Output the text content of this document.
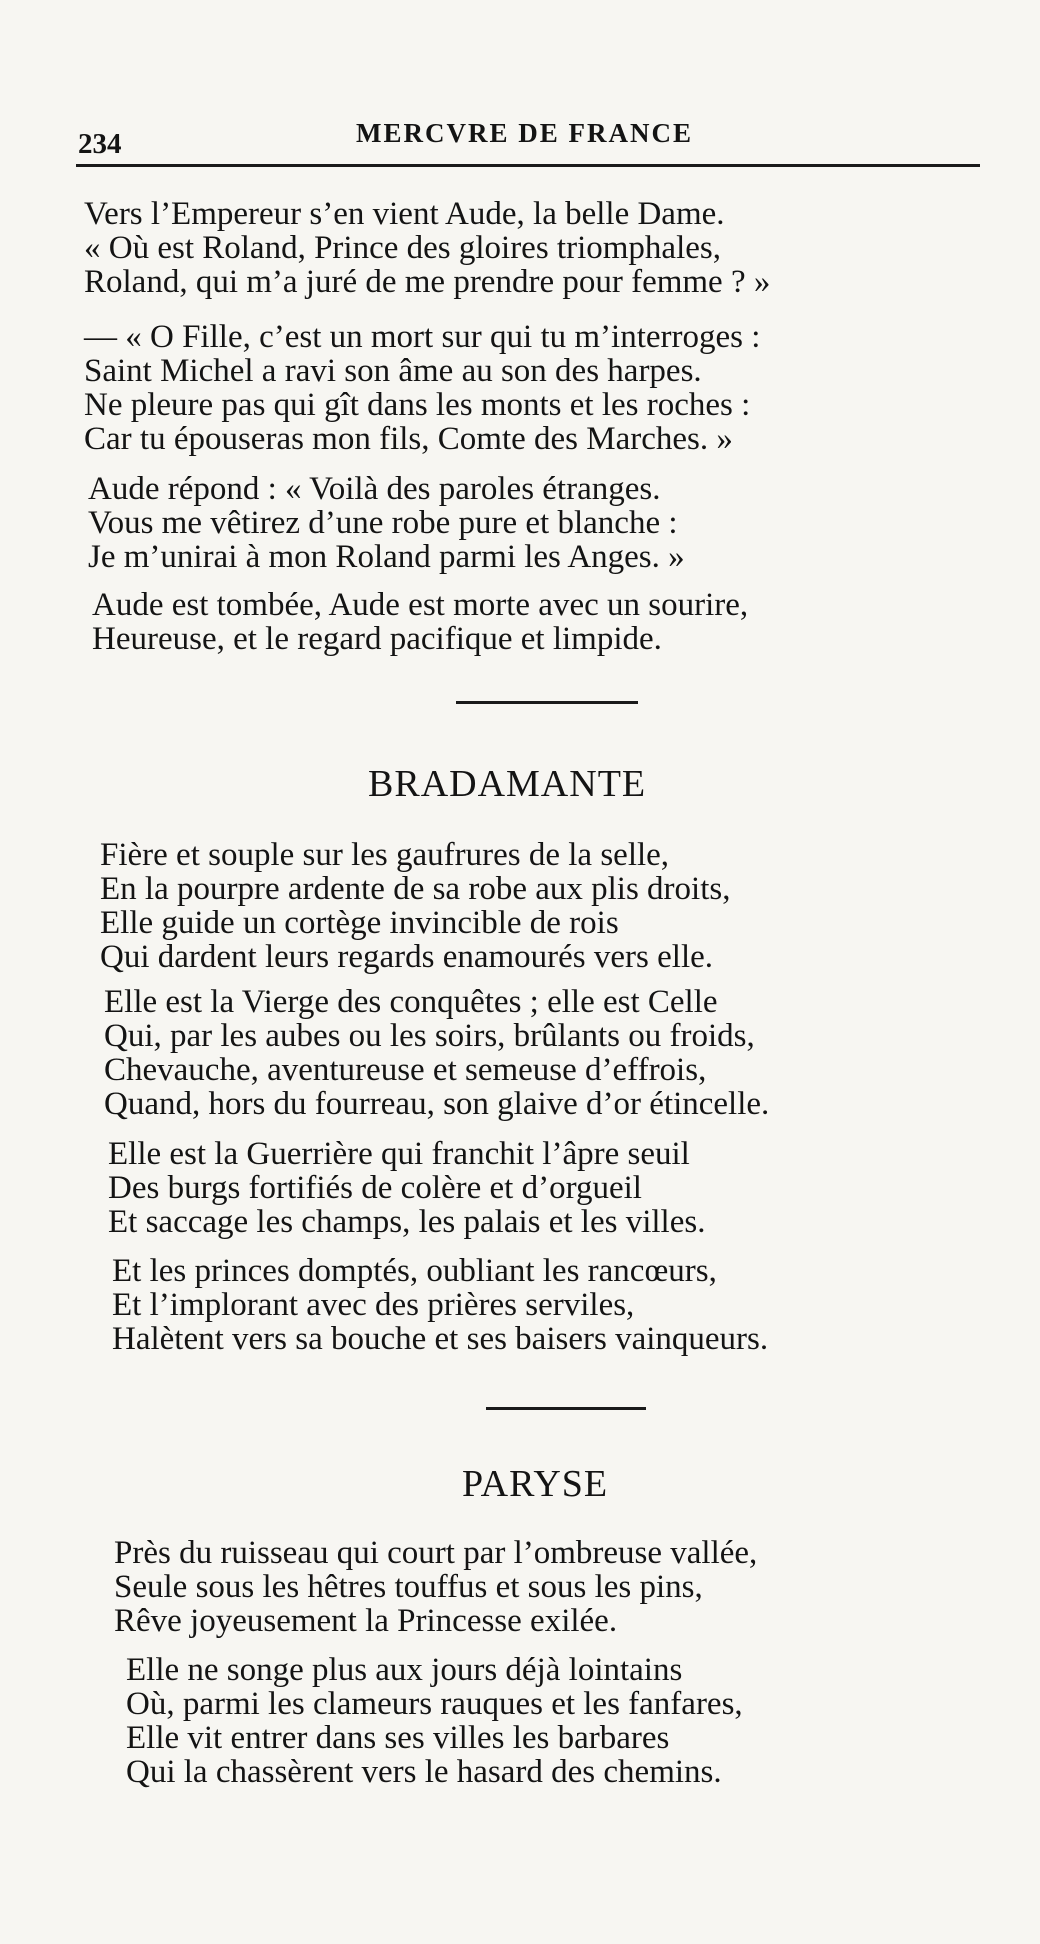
234	MERCVRE DE FRANCE
Vers l’Empereur s’en vient Aude, la belle Dame.
« Où est Roland, Prince des gloires triomphales,
Roland, qui m’a juré de me prendre pour femme ? »
— « O Fille, c’est un mort sur qui tu m’interroges :
Saint Michel a ravi son âme au son des harpes.
Ne pleure pas qui gît dans les monts et les roches :
Car tu épouseras mon fils, Comte des Marches. »
Aude répond : « Voilà des paroles étranges.
Vous me vêtirez d’une robe pure et blanche :
Je m’unirai à mon Roland parmi les Anges. »
Aude est tombée, Aude est morte avec un sourire,
Heureuse, et le regard pacifique et limpide.
BRADAMANTE
Fière et souple sur les gaufrures de la selle,
En la pourpre ardente de sa robe aux plis droits,
Elle guide un cortège invincible de rois
Qui dardent leurs regards enamourés vers elle.
Elle est la Vierge des conquêtes ; elle est Celle
Qui, par les aubes ou les soirs, brûlants ou froids,
Chevauche, aventureuse et semeuse d’effrois,
Quand, hors du fourreau, son glaive d’or étincelle.
Elle est la Guerrière qui franchit l’âpre seuil
Des burgs fortifiés de colère et d’orgueil
Et saccage les champs, les palais et les villes.
Et les princes domptés, oubliant les rancœurs,
Et l’implorant avec des prières serviles,
Halètent vers sa bouche et ses baisers vainqueurs.
PARYSE
Près du ruisseau qui court par l’ombreuse vallée,
Seule sous les hêtres touffus et sous les pins,
Rêve joyeusement la Princesse exilée.
Elle ne songe plus aux jours déjà lointains
Où, parmi les clameurs rauques et les fanfares,
Elle vit entrer dans ses villes les barbares
Qui la chassèrent vers le hasard des chemins.
